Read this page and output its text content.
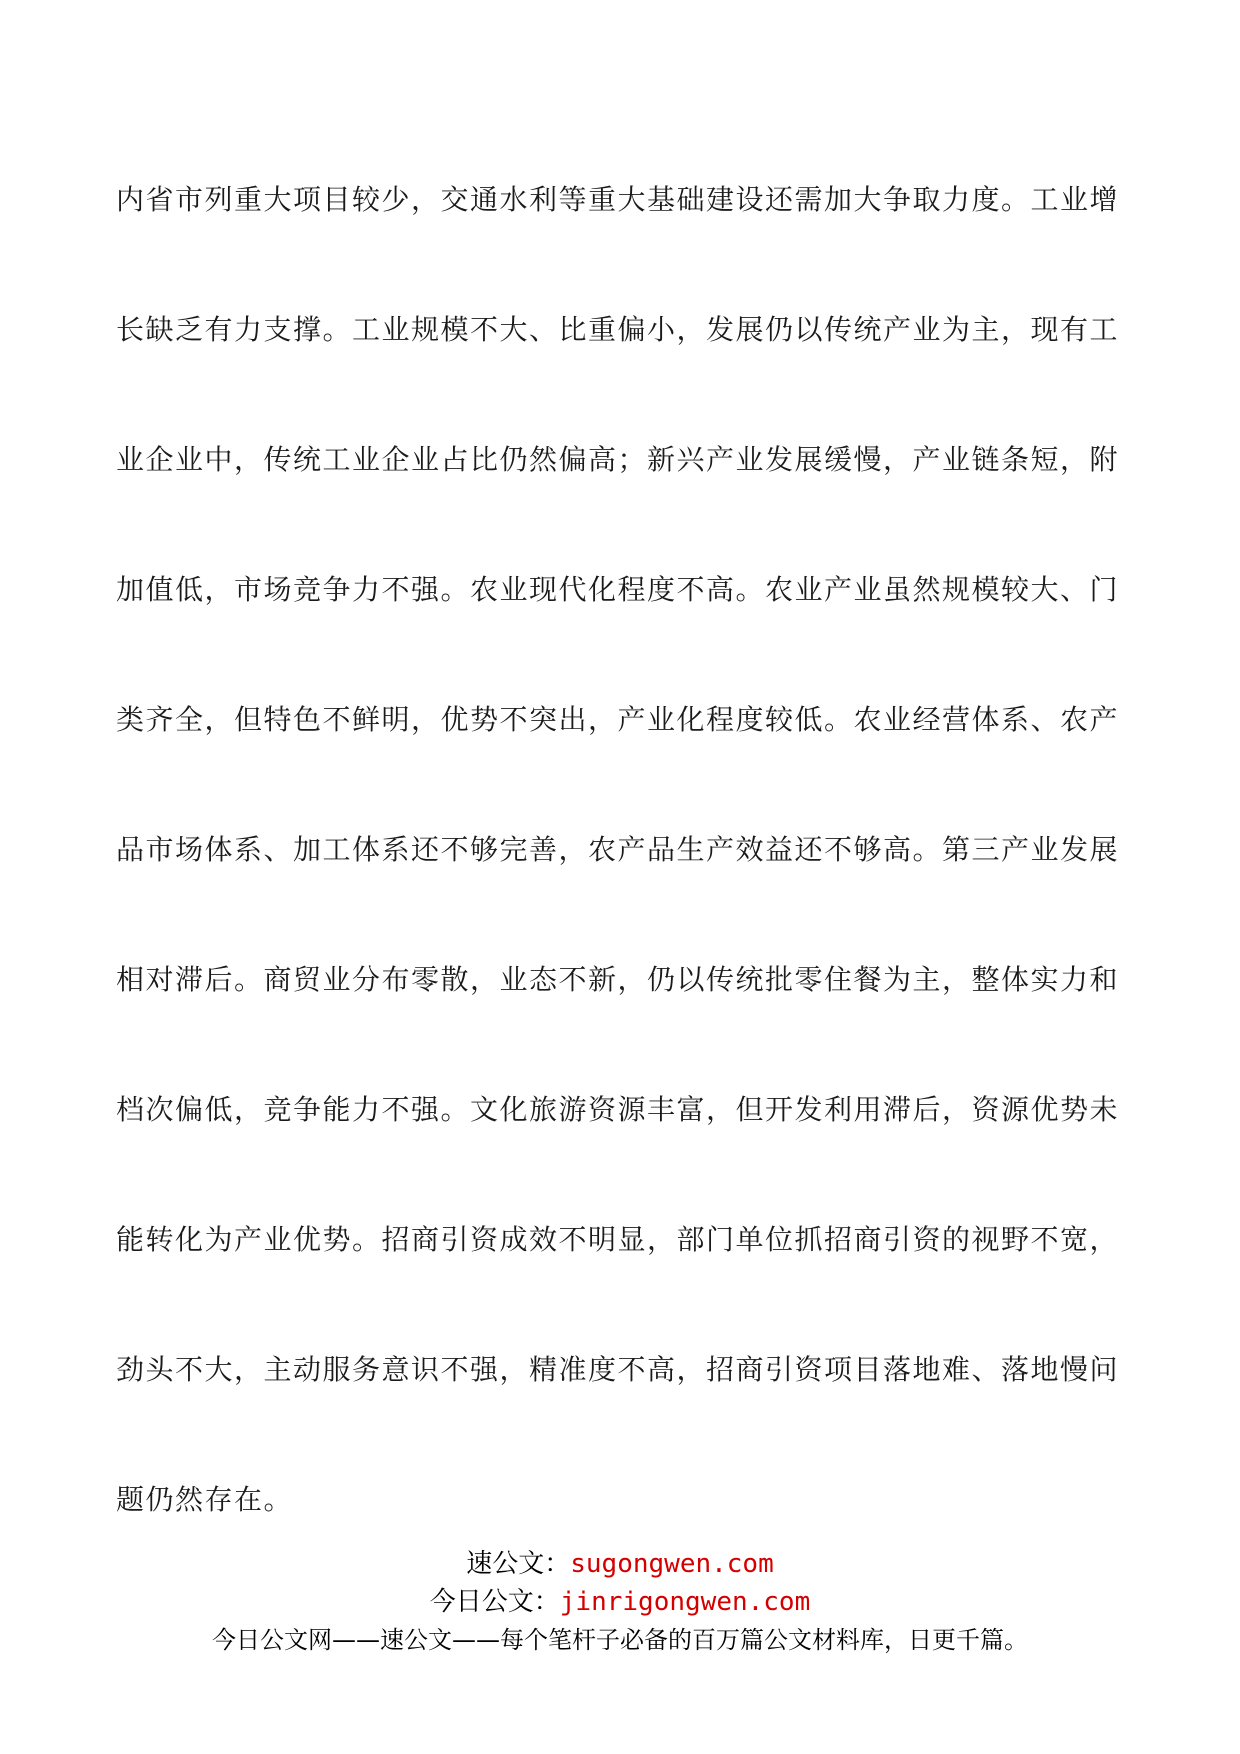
内省市列重大项目较少，交通水利等重大基础建设还需加大争取力度。工业增
长缺乏有力支撑。工业规模不大、比重偏小，发展仍以传统产业为主，现有工
业企业中，传统工业企业占比仍然偏高；新兴产业发展缓慢，产业链条短，附
加值低，市场竞争力不强。农业现代化程度不高。农业产业虽然规模较大、门
类齐全，但特色不鲜明，优势不突出，产业化程度较低。农业经营体系、农产
品市场体系、加工体系还不够完善，农产品生产效益还不够高。第三产业发展
相对滞后。商贸业分布零散，业态不新，仍以传统批零住餐为主，整体实力和
档次偏低，竞争能力不强。文化旅游资源丰富，但开发利用滞后，资源优势未
能转化为产业优势。招商引资成效不明显，部门单位抓招商引资的视野不宽，
劲头不大，主动服务意识不强，精准度不高，招商引资项目落地难、落地慢问
题仍然存在。
速公文：sugongwen.com
今日公文：jinrigongwen.com
今日公文网——速公文——每个笔杆子必备的百万篇公文材料库，日更千篇。
